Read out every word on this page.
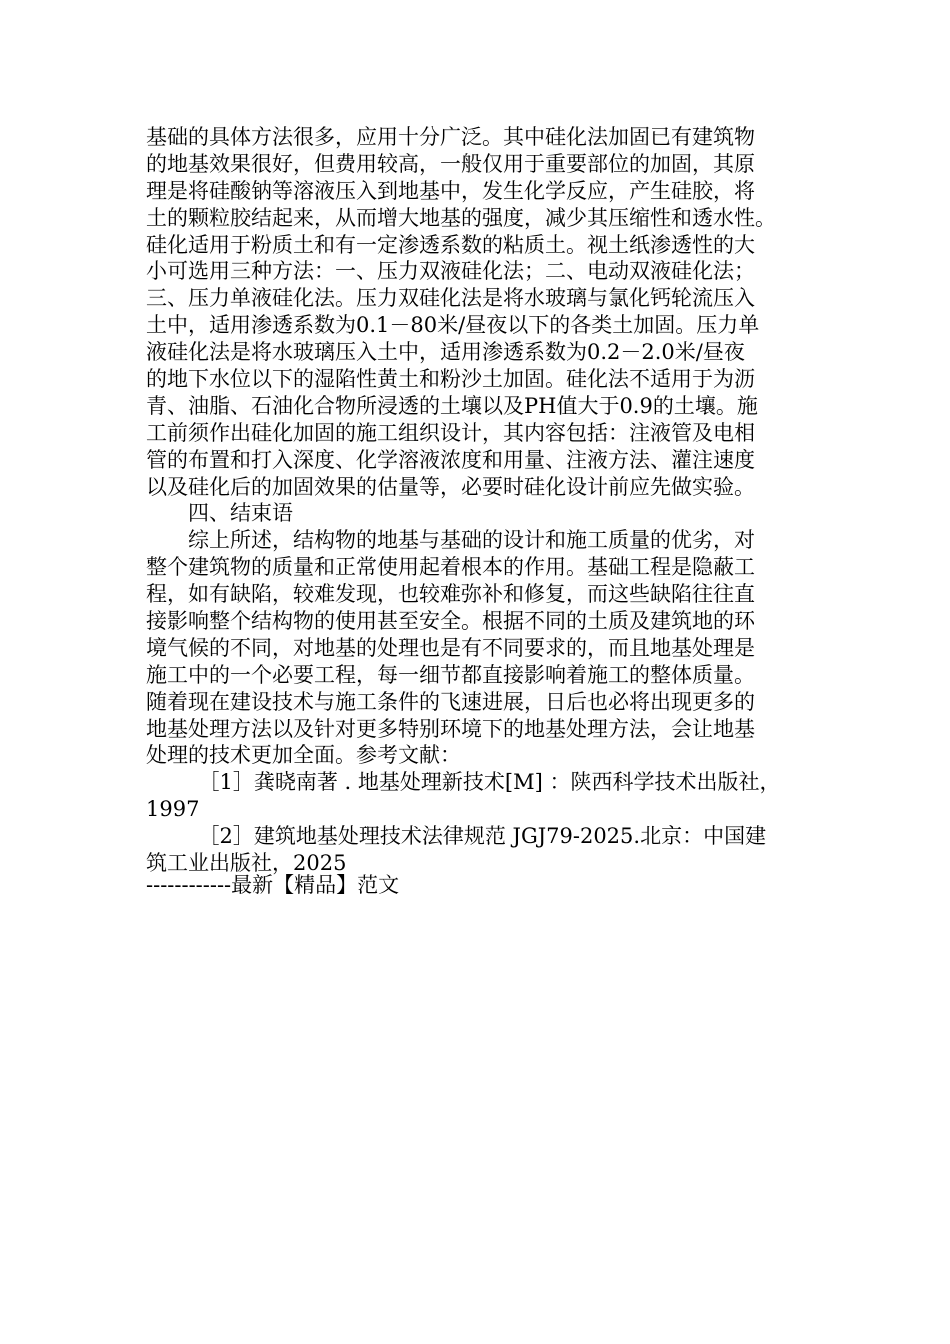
基础的具体方法很多，应用十分广泛。其中硅化法加固已有建筑物
的地基效果很好，但费用较高，一般仅用于重要部位的加固，其原
理是将硅酸钠等溶液压入到地基中，发生化学反应，产生硅胶，将
土的颗粒胶结起来，从而增大地基的强度，减少其压缩性和透水性。
硅化适用于粉质土和有一定渗透系数的粘质土。视土纸渗透性的大
小可选用三种方法：一、压力双液硅化法；二、电动双液硅化法；
三、压力单液硅化法。压力双硅化法是将水玻璃与氯化钙轮流压入
土中，适用渗透系数为0.1－80米/昼夜以下的各类土加固。压力单
液硅化法是将水玻璃压入土中，适用渗透系数为0.2－2.0米/昼夜
的地下水位以下的湿陷性黄土和粉沙土加固。硅化法不适用于为沥
青、油脂、石油化合物所浸透的土壤以及PH值大于0.9的土壤。施
工前须作出硅化加固的施工组织设计，其内容包括：注液管及电相
管的布置和打入深度、化学溶液浓度和用量、注液方法、灌注速度
以及硅化后的加固效果的估量等，必要时硅化设计前应先做实验。
　　四、结束语
　　综上所述，结构物的地基与基础的设计和施工质量的优劣，对
整个建筑物的质量和正常使用起着根本的作用。基础工程是隐蔽工
程，如有缺陷，较难发现，也较难弥补和修复，而这些缺陷往往直
接影响整个结构物的使用甚至安全。根据不同的土质及建筑地的环
境气候的不同，对地基的处理也是有不同要求的，而且地基处理是
施工中的一个必要工程，每一细节都直接影响着施工的整体质量。
随着现在建设技术与施工条件的飞速进展，日后也必将出现更多的
地基处理方法以及针对更多特别环境下的地基处理方法，会让地基
处理的技术更加全面。参考文献：
　　　［1］龚晓南著 . 地基处理新技术[M] ：陕西科学技术出版社，
1997
　　　［2］建筑地基处理技术法律规范 JGJ79-2025.北京：中国建
筑工业出版社，2025
------------最新【精品】范文
